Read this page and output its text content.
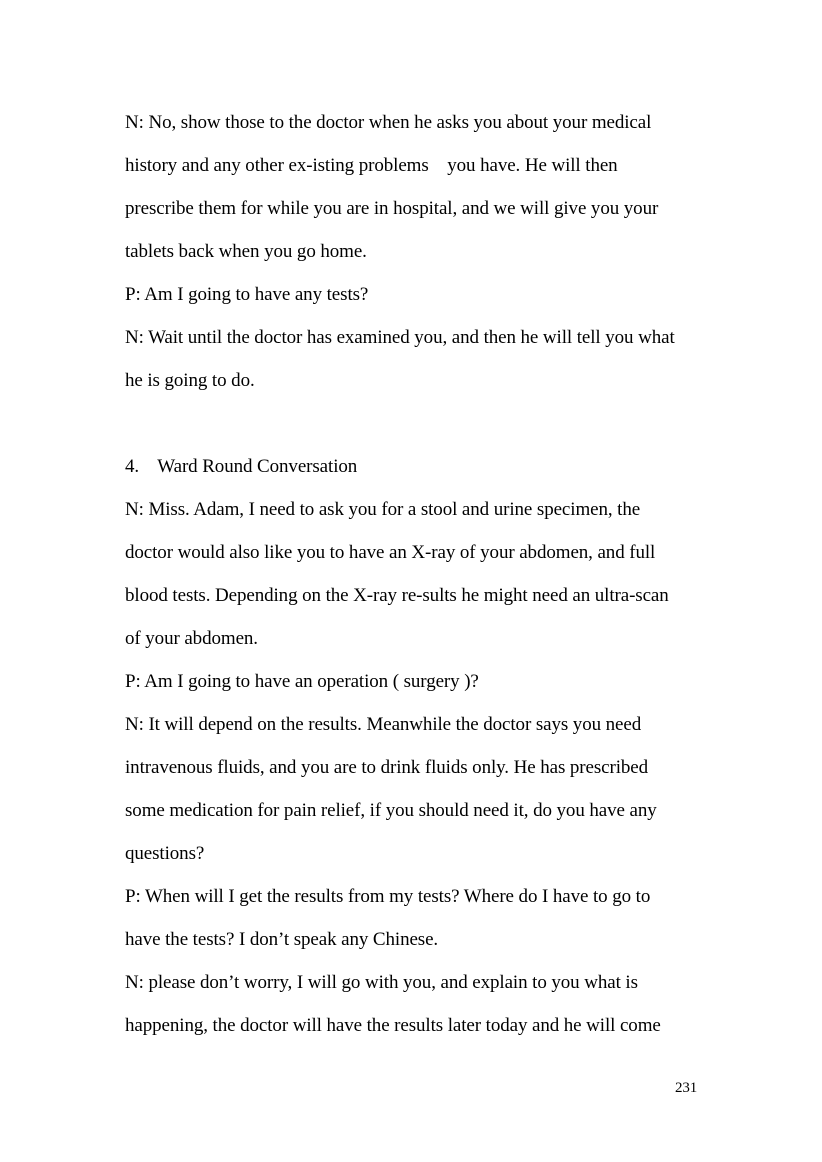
N: No, show those to the doctor when he asks you about your medical
history and any other ex-isting problems    you have. He will then
prescribe them for while you are in hospital, and we will give you your
tablets back when you go home.
P: Am I going to have any tests?
N: Wait until the doctor has examined you, and then he will tell you what
he is going to do.
4.    Ward Round Conversation
N: Miss. Adam, I need to ask you for a stool and urine specimen, the
doctor would also like you to have an X-ray of your abdomen, and full
blood tests. Depending on the X-ray re-sults he might need an ultra-scan
of your abdomen.
P: Am I going to have an operation ( surgery )?
N: It will depend on the results. Meanwhile the doctor says you need
intravenous fluids, and you are to drink fluids only. He has prescribed
some medication for pain relief, if you should need it, do you have any
questions?
P: When will I get the results from my tests? Where do I have to go to
have the tests? I don’t speak any Chinese.
N: please don’t worry, I will go with you, and explain to you what is
happening, the doctor will have the results later today and he will come
231
